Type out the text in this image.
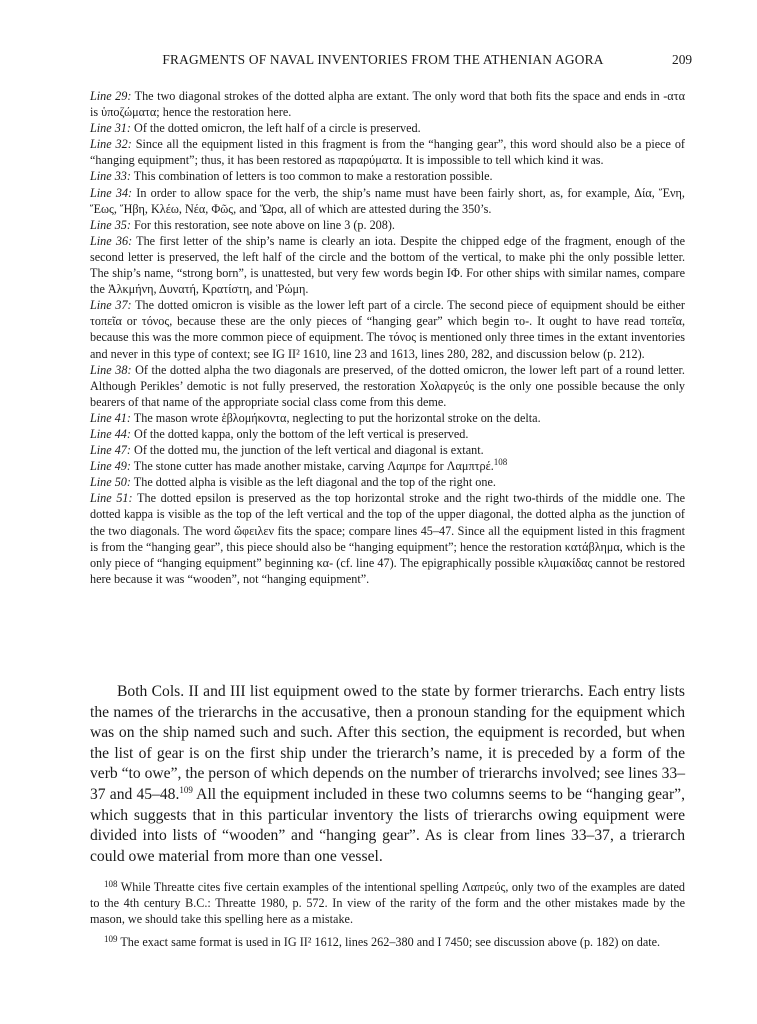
FRAGMENTS OF NAVAL INVENTORIES FROM THE ATHENIAN AGORA	209

Line 29: The two diagonal strokes of the dotted alpha are extant. The only word that both fits the space and ends in -ατα is ὑποζώματα; hence the restoration here.

Line 31: Of the dotted omicron, the left half of a circle is preserved.

Line 32: Since all the equipment listed in this fragment is from the “hanging gear”, this word should also be a piece of “hanging equipment”; thus, it has been restored as παραρύματα. It is impossible to tell which kind it was.

Line 33: This combination of letters is too common to make a restoration possible.

Line 34: In order to allow space for the verb, the ship’s name must have been fairly short, as, for example, Δία, Ἕνη, Ἕως, Ἥβη, Κλέω, Νέα, Φῶς, and Ὥρα, all of which are attested during the 350’s.

Line 35: For this restoration, see note above on line 3 (p. 208).

Line 36: The first letter of the ship’s name is clearly an iota. Despite the chipped edge of the fragment, enough of the second letter is preserved, the left half of the circle and the bottom of the vertical, to make phi the only possible letter. The ship’s name, “strong born”, is unattested, but very few words begin ΙΦ. For other ships with similar names, compare the Ἀλκμήνη, Δυνατή, Κρατίστη, and Ῥώμη.

Line 37: The dotted omicron is visible as the lower left part of a circle. The second piece of equipment should be either τοπεῖα or τόνος, because these are the only pieces of “hanging gear” which begin το-. It ought to have read τοπεῖα, because this was the more common piece of equipment. The τόνος is mentioned only three times in the extant inventories and never in this type of context; see IG II² 1610, line 23 and 1613, lines 280, 282, and discussion below (p. 212).

Line 38: Of the dotted alpha the two diagonals are preserved, of the dotted omicron, the lower left part of a round letter. Although Perikles’ demotic is not fully preserved, the restoration Χολαργεύς is the only one possible because the only bearers of that name of the appropriate social class come from this deme.

Line 41: The mason wrote ἑβλομήκοντα, neglecting to put the horizontal stroke on the delta.

Line 44: Of the dotted kappa, only the bottom of the left vertical is preserved.

Line 47: Of the dotted mu, the junction of the left vertical and diagonal is extant.

Line 49: The stone cutter has made another mistake, carving Λαμπρε for Λαμπτρέ.$^{108}$

Line 50: The dotted alpha is visible as the left diagonal and the top of the right one.

Line 51: The dotted epsilon is preserved as the top horizontal stroke and the right two-thirds of the middle one. The dotted kappa is visible as the top of the left vertical and the top of the upper diagonal, the dotted alpha as the junction of the two diagonals. The word ὤφειλεν fits the space; compare lines 45–47. Since all the equipment listed in this fragment is from the “hanging gear”, this piece should also be “hanging equipment”; hence the restoration κατάβλημα, which is the only piece of “hanging equipment” beginning κα- (cf. line 47). The epigraphically possible κλιμακίδας cannot be restored here because it was “wooden”, not “hanging equipment”.

Both Cols. II and III list equipment owed to the state by former trierarchs. Each entry lists the names of the trierarchs in the accusative, then a pronoun standing for the equipment which was on the ship named such and such. After this section, the equipment is recorded, but when the list of gear is on the first ship under the trierarch’s name, it is preceded by a form of the verb “to owe”, the person of which depends on the number of trierarchs involved; see lines 33–37 and 45–48.$^{109}$ All the equipment included in these two columns seems to be “hanging gear”, which suggests that in this particular inventory the lists of trierarchs owing equipment were divided into lists of “wooden” and “hanging gear”. As is clear from lines 33–37, a trierarch could owe material from more than one vessel.

$^{108}$ While Threatte cites five certain examples of the intentional spelling Λαπρεύς, only two of the examples are dated to the 4th century B.C.: Threatte 1980, p. 572. In view of the rarity of the form and the other mistakes made by the mason, we should take this spelling here as a mistake.

$^{109}$ The exact same format is used in IG II² 1612, lines 262–380 and I 7450; see discussion above (p. 182) on date.
